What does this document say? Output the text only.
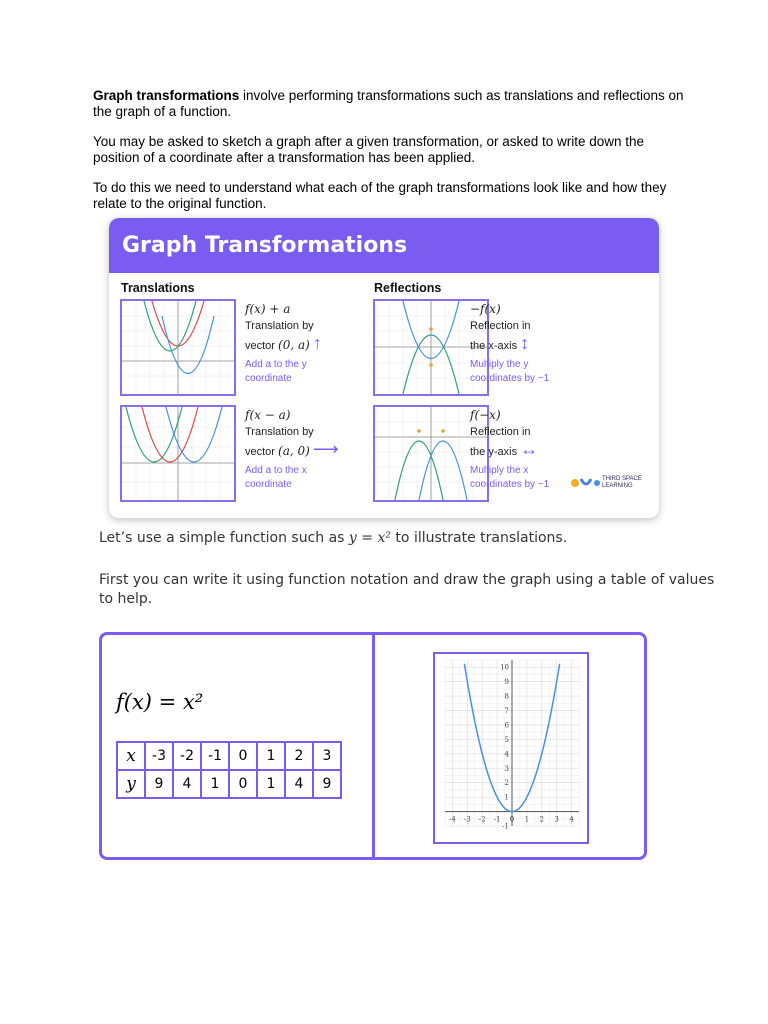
Graph transformations involve performing transformations such as translations and reflections on the graph of a function.
You may be asked to sketch a graph after a given transformation, or asked to write down the position of a coordinate after a transformation has been applied.
To do this we need to understand what each of the graph transformations look like and how they relate to the original function.
Graph Transformations
Translations	Reflections
f(x) + a
Translation by
vector (0, a) ↑
Add a to the y
coordinate
f(x − a)
Translation by
vector (a, 0) ⟶
Add a to the x
coordinate
−f(x)
Reflection in
the x-axis ↕
Multiply the y
coordinates by −1
f(−x)
Reflection in
the y-axis ↔
Multiply the x
coordinates by −1	THIRD SPACE
LEARNING
Let’s use a simple function such as y = x² to illustrate translations.
First you can write it using function notation and draw the graph using a table of values to help.
f(x) = x²
x	-3	-2	-1	0	1	2	3
y	9	4	1	0	1	4	9
-4 -3 -2 -1 0 1 2 3 4
10
9
8
7
6
5
4
3
2
1
-1
